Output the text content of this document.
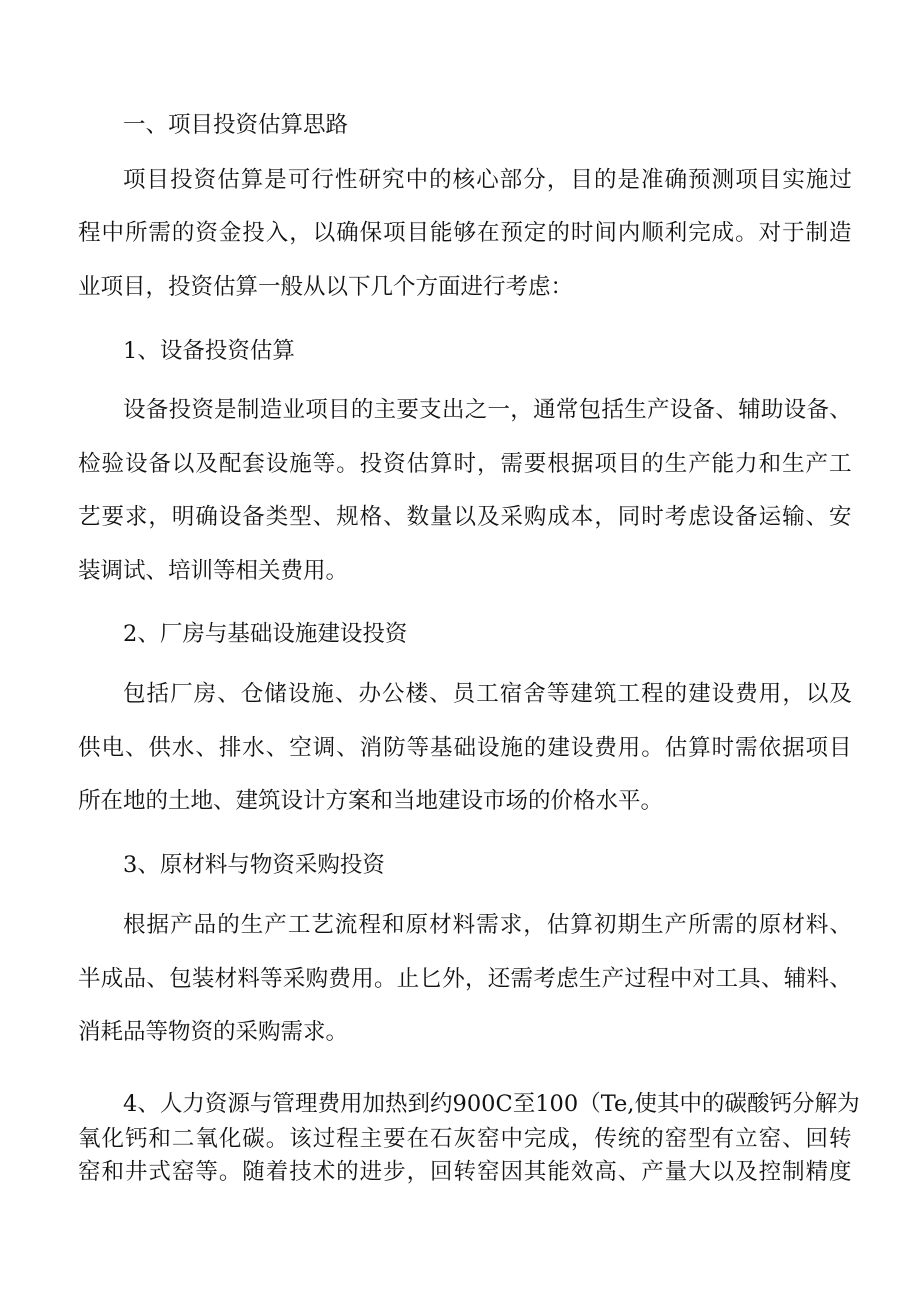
一、项目投资估算思路

项 目 投 资 估 算 是 可 行 性 研 究 中 的 核 心 部 分 ， 目 的 是 准 确 预 测 项 目 实 施 过

程 中 所 需 的 资 金 投 入 ， 以 确 保 项 目 能 够 在 预 定 的 时 间 内 顺 利 完 成 。 对 于 制 造

业项目，投资估算一般从以下几个方面进行考虑：

1、设备投资估算

设 备 投 资 是 制 造 业 项 目 的 主 要 支 出 之 一 ， 通 常 包 括 生 产 设 备 、 辅 助 设 备 、

检 验 设 备 以 及 配 套 设 施 等 。 投 资 估 算 时 ， 需 要 根 据 项 目 的 生 产 能 力 和 生 产 工

艺 要 求 ， 明 确 设 备 类 型 、 规 格 、 数 量 以 及 采 购 成 本 ， 同 时 考 虑 设 备 运 输 、 安

装调试、培训等相关费用。

2、厂房与基础设施建设投资

包 括 厂 房 、 仓 储 设 施 、 办 公 楼 、 员 工 宿 舍 等 建 筑 工 程 的 建 设 费 用 ， 以 及

供 电 、 供 水 、 排 水 、 空 调 、 消 防 等 基 础 设 施 的 建 设 费 用 。 估 算 时 需 依 据 项 目

所在地的土地、建筑设计方案和当地建设市场的价格水平。

3、原材料与物资采购投资

根 据 产 品 的 生 产 工 艺 流 程 和 原 材 料 需 求 ， 估 算 初 期 生 产 所 需 的 原 材 料 、

半 成 品 、 包 装 材 料 等 采 购 费 用 。 止 匕 外 ， 还 需 考 虑 生 产 过 程 中 对 工 具 、 辅 料 、

消耗品等物资的采购需求。

4 、 人 力 资 源 与 管 理 费 用 加 热 到 约 900C 至 100 （ Te, 使 其 中 的 碳 酸 钙 分 解 为

氧 化 钙 和 二 氧 化 碳 。 该 过 程 主 要 在 石 灰 窑 中 完 成 ， 传 统 的 窑 型 有 立 窑 、 回 转

窑 和 井 式 窑 等 。 随 着 技 术 的 进 步 ， 回 转 窑 因 其 能 效 高 、 产 量 大 以 及 控 制 精 度
